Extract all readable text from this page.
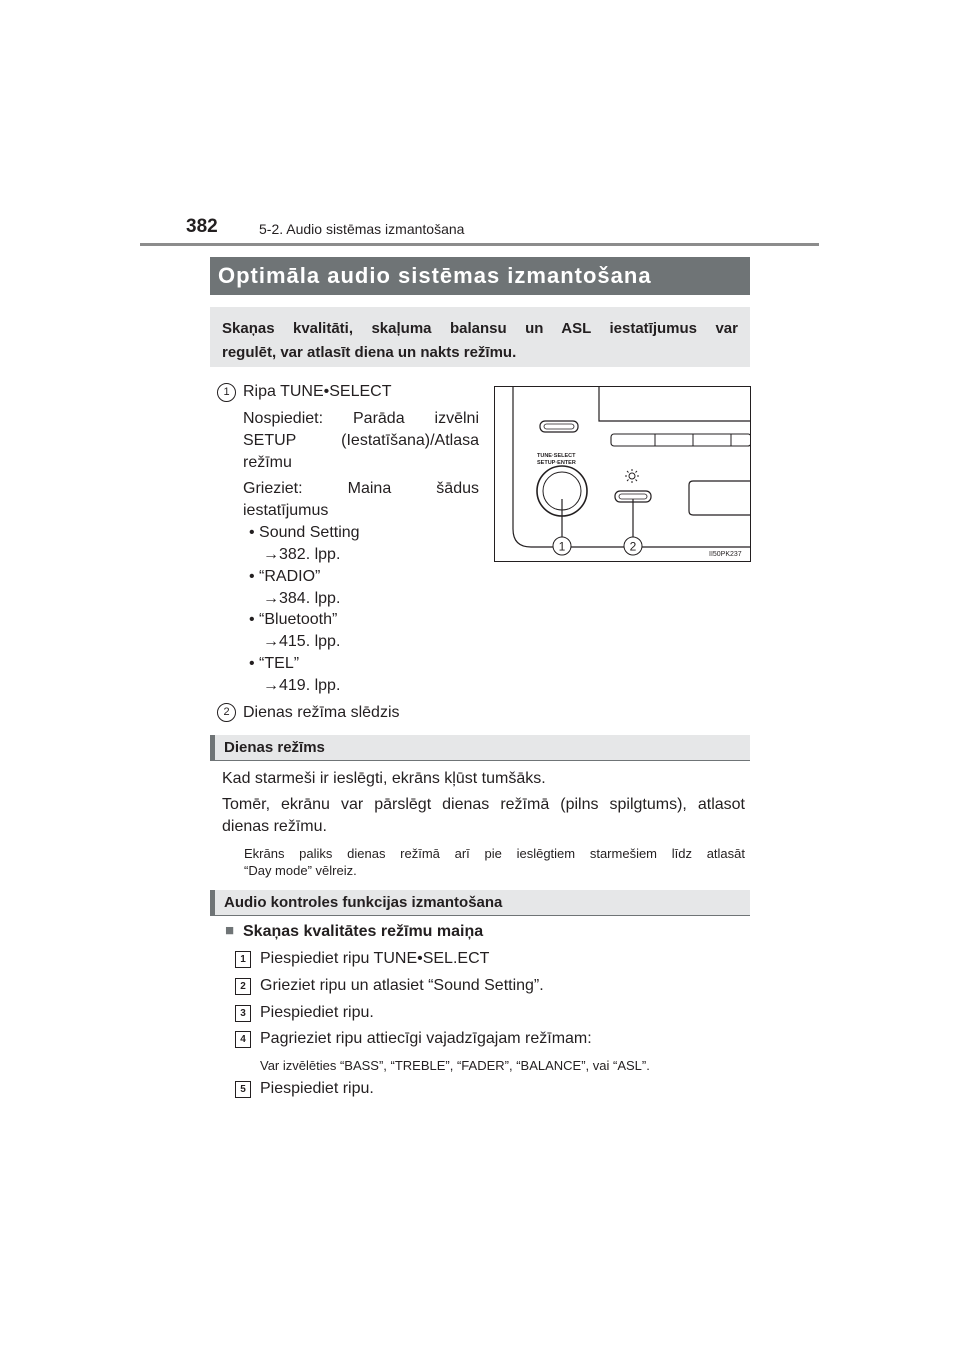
382	5-2. Audio sistēmas izmantošana
Optimāla audio sistēmas izmantošana
Skaņas kvalitāti, skaļuma balansu un ASL iestatījumus var

regulēt, var atlasīt diena un nakts režīmu.
1 Ripa TUNE•SELECT
Nospiediet: Parāda izvēlni
SETUP (Iestatīšana)/Atlasa
režīmu
Grieziet: Maina šādus
iestatījumus
• Sound Setting
→382. lpp.
• “RADIO”
→384. lpp.
• “Bluetooth”
→415. lpp.
• “TEL”
→419. lpp.
2 Dienas režīma slēdzis
TUNE·SELECT
SETUP·ENTER
1	2
II50PK237
Dienas režīms
Kad starmeši ir ieslēgti, ekrāns kļūst tumšāks.
Tomēr, ekrānu var pārslēgt dienas režīmā (pilns spilgtums), atlasot
dienas režīmu.
Ekrāns paliks dienas režīmā arī pie ieslēgtiem starmešiem līdz atlasāt
“Day mode” vēlreiz.
Audio kontroles funkcijas izmantošana
■ Skaņas kvalitātes režīmu maiņa
1 Piespiediet ripu TUNE•SEL.ECT
2 Grieziet ripu un atlasiet “Sound Setting”.
3 Piespiediet ripu.
4 Pagrieziet ripu attiecīgi vajadzīgajam režīmam:
Var izvēlēties “BASS”, “TREBLE”, “FADER”, “BALANCE”, vai “ASL”.
5 Piespiediet ripu.
